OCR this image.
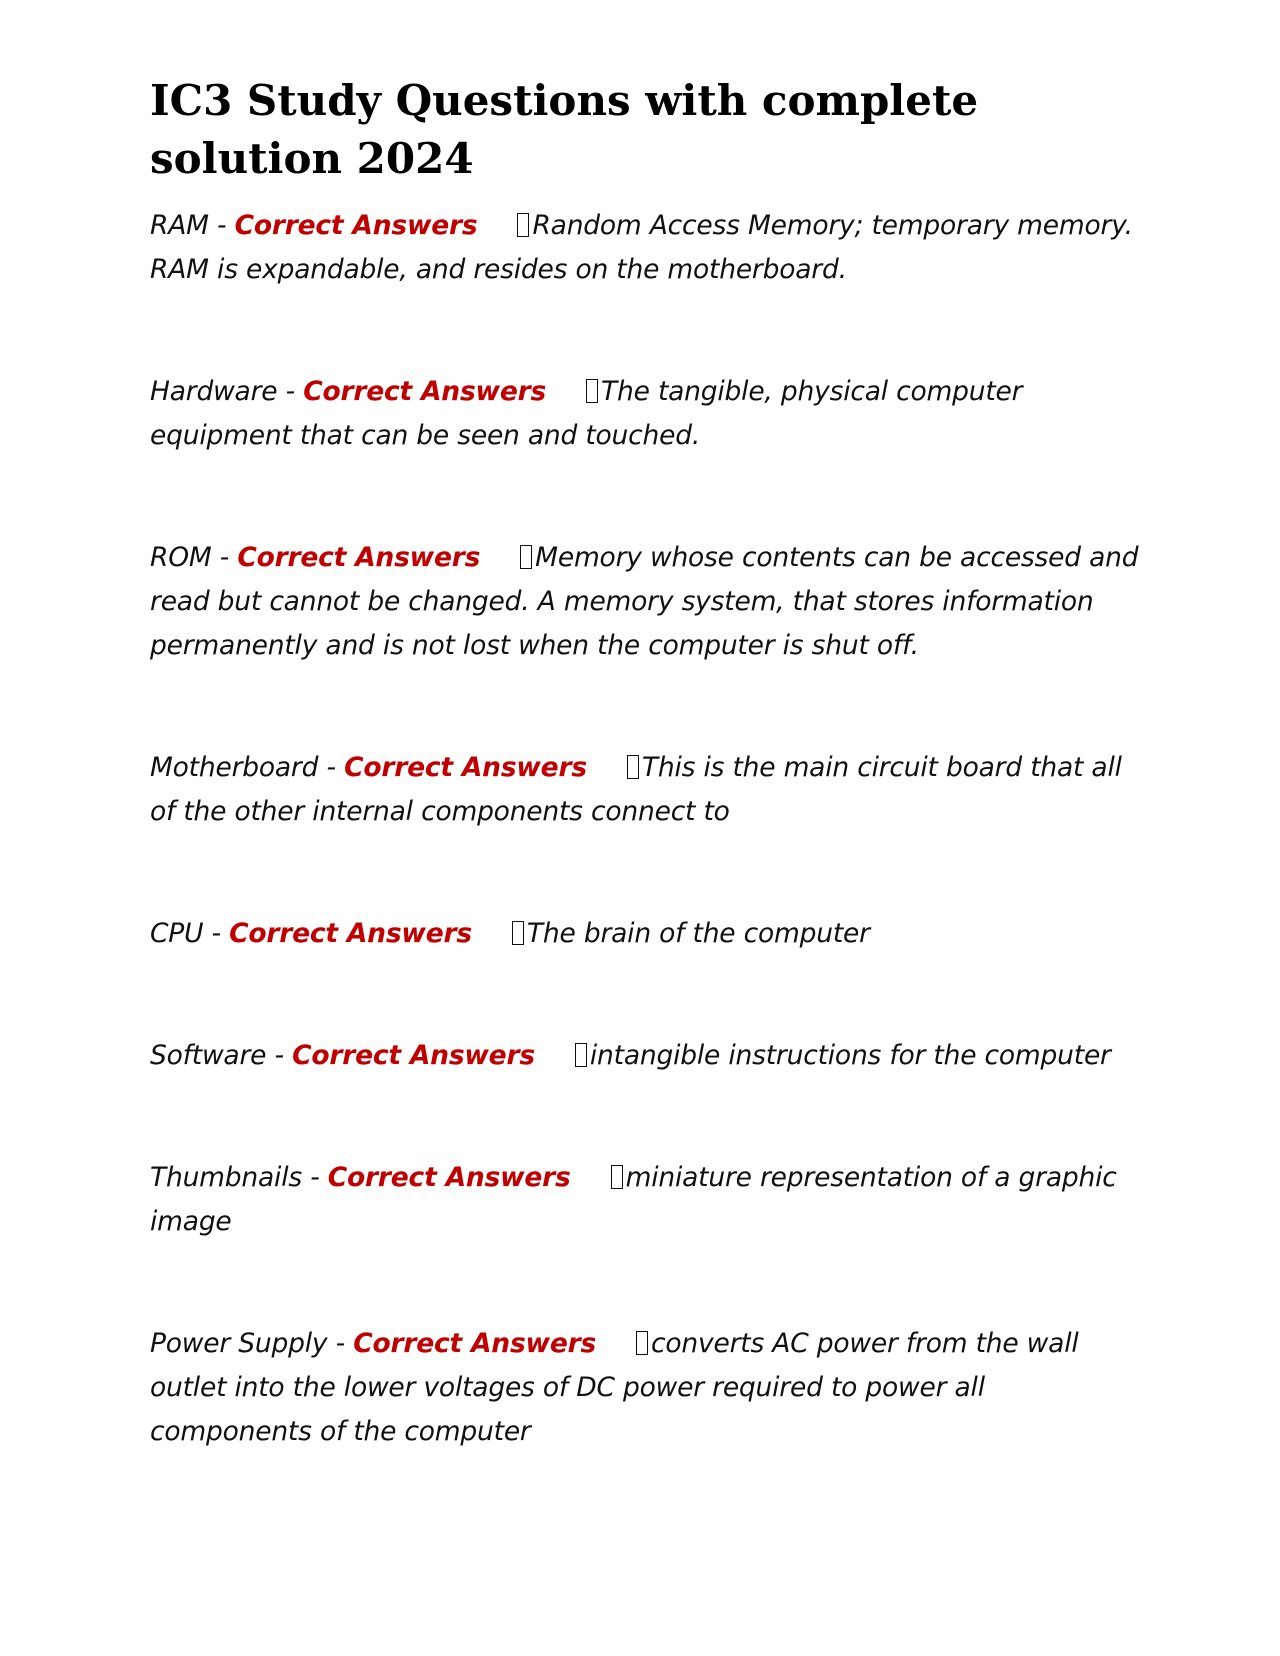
IC3 Study Questions with complete solution 2024
RAM - Correct Answers Random Access Memory; temporary memory. RAM is expandable, and resides on the motherboard.
Hardware - Correct Answers The tangible, physical computer equipment that can be seen and touched.
ROM - Correct Answers Memory whose contents can be accessed and read but cannot be changed. A memory system, that stores information permanently and is not lost when the computer is shut off.
Motherboard - Correct Answers This is the main circuit board that all of the other internal components connect to
CPU - Correct Answers The brain of the computer
Software - Correct Answers intangible instructions for the computer
Thumbnails - Correct Answers miniature representation of a graphic image
Power Supply - Correct Answers converts AC power from the wall outlet into the lower voltages of DC power required to power all components of the computer
